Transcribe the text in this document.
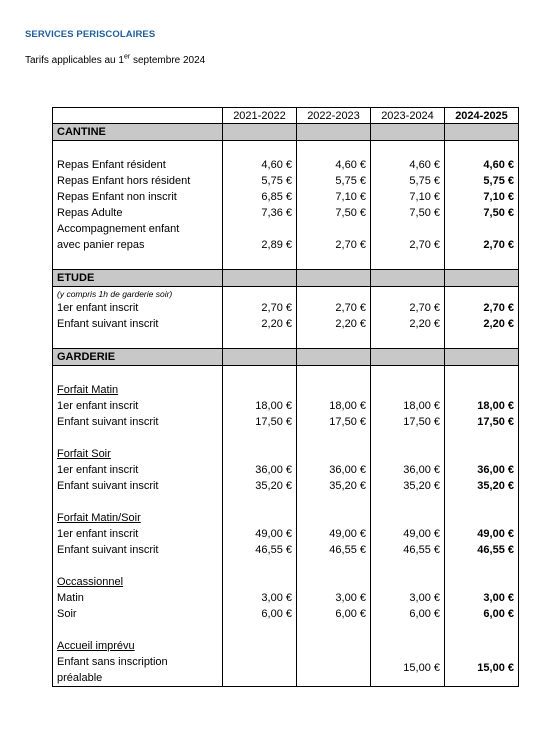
SERVICES PERISCOLAIRES
Tarifs applicables au 1er septembre 2024
	2021-2022	2022-2023	2023-2024	2024-2025
CANTINE				

Repas Enfant résident	4,60 €	4,60 €	4,60 €	4,60 €
Repas Enfant hors résident	5,75 €	5,75 €	5,75 €	5,75 €
Repas Enfant non inscrit	6,85 €	7,10 €	7,10 €	7,10 €
Repas Adulte	7,36 €	7,50 €	7,50 €	7,50 €
Accompagnement enfant				
avec panier repas	2,89 €	2,70 €	2,70 €	2,70 €

ETUDE				
(y compris 1h de garderie soir)				
1er enfant inscrit	2,70 €	2,70 €	2,70 €	2,70 €
Enfant suivant inscrit	2,20 €	2,20 €	2,20 €	2,20 €

GARDERIE				

Forfait Matin				
1er enfant inscrit	18,00 €	18,00 €	18,00 €	18,00 €
Enfant suivant inscrit	17,50 €	17,50 €	17,50 €	17,50 €

Forfait Soir				
1er enfant inscrit	36,00 €	36,00 €	36,00 €	36,00 €
Enfant suivant inscrit	35,20 €	35,20 €	35,20 €	35,20 €

Forfait Matin/Soir				
1er enfant inscrit	49,00 €	49,00 €	49,00 €	49,00 €
Enfant suivant inscrit	46,55 €	46,55 €	46,55 €	46,55 €

Occassionnel				
Matin	3,00 €	3,00 €	3,00 €	3,00 €
Soir	6,00 €	6,00 €	6,00 €	6,00 €

Accueil imprévu				
Enfant sans inscription				
préalable			15,00 €	15,00 €
